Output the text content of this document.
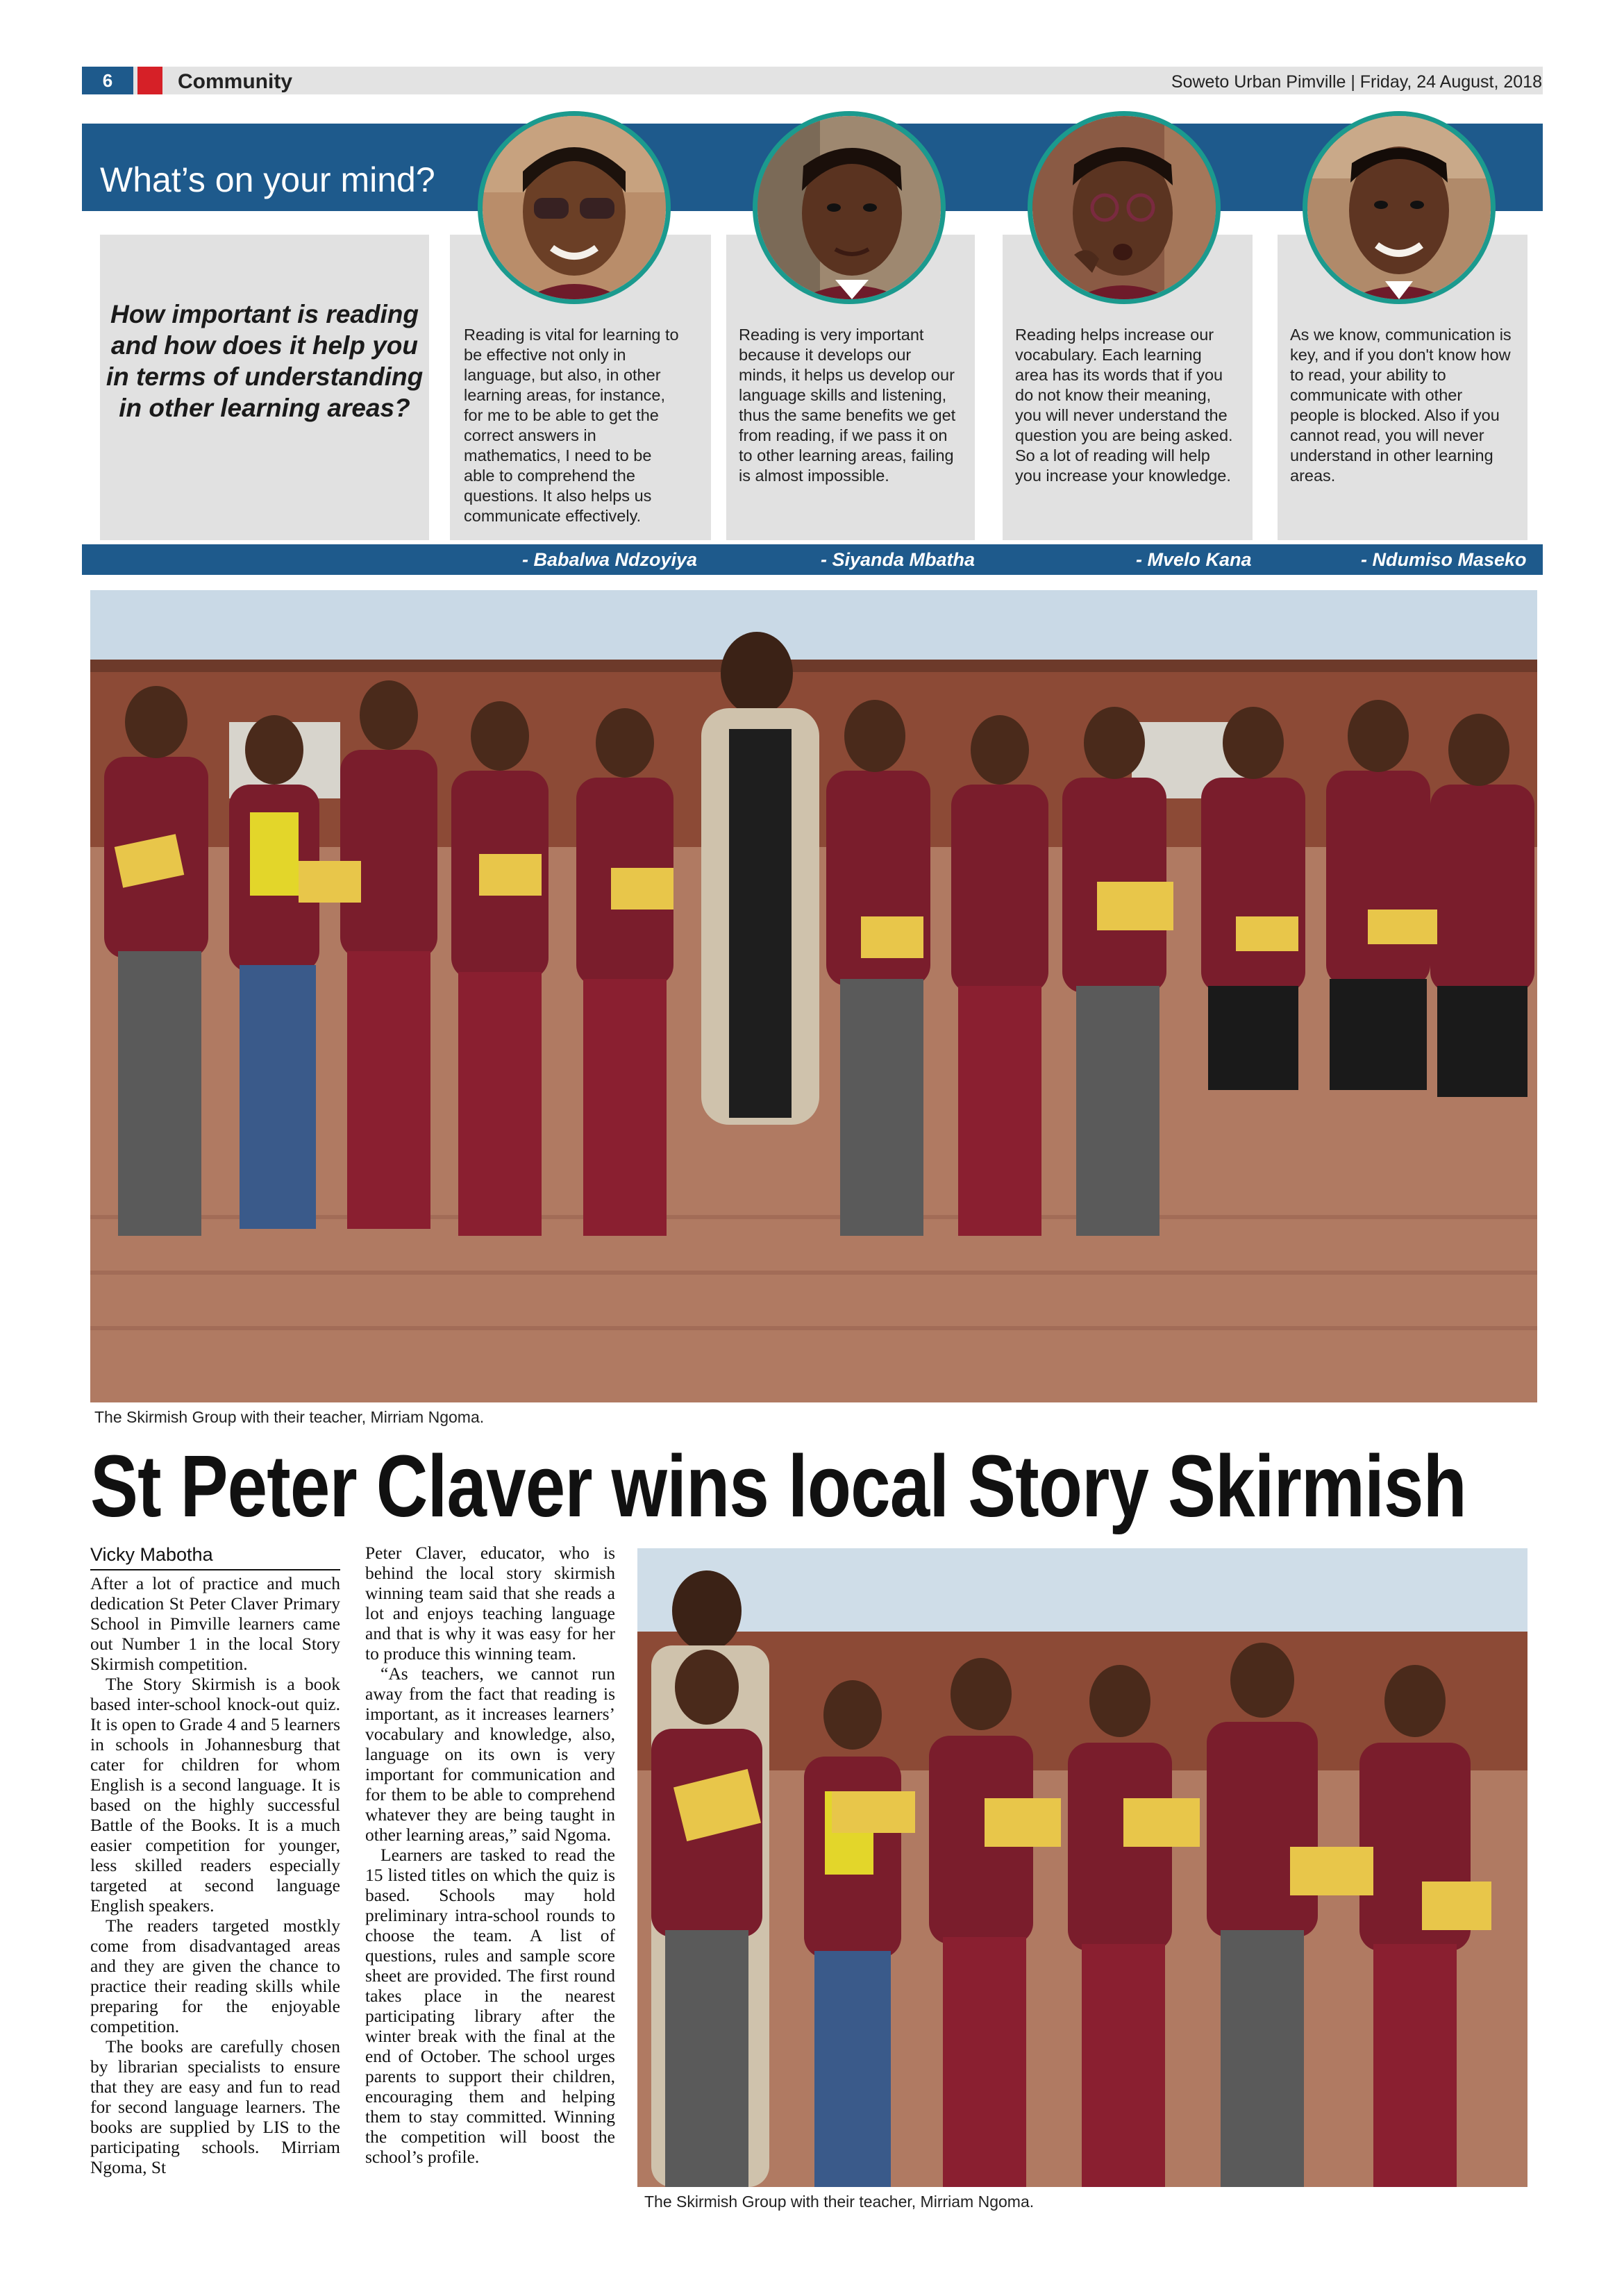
6	Community	Soweto Urban Pimville | Friday, 24 August, 2018
What’s on your mind?
How important is reading and how does it help you in terms of understanding in other learning areas?
Reading is vital for learning to be effective not only in language, but also, in other learning areas, for instance, for me to be able to get the correct answers in mathematics, I need to be able to comprehend the questions. It also helps us communicate effectively.
Reading is very important because it develops our minds, it helps us develop our language skills and listening, thus the same benefits we get from reading, if we pass it on to other learning areas, failing is almost impossible.
Reading helps increase our vocabulary. Each learning area has its words that if you do not know their meaning, you will never understand the question you are being asked. So a lot of reading will help you increase your knowledge.
As we know, communication is key, and if you don't know how to read, your ability to communicate with other people is blocked. Also if you cannot read, you will never understand in other learning areas.
- Babalwa Ndzoyiya	- Siyanda Mbatha	- Mvelo Kana	- Ndumiso Maseko
The Skirmish Group with their teacher, Mirriam Ngoma.
St Peter Claver wins local Story Skirmish
Vicky Mabotha

After a lot of practice and much dedication St Peter Claver Primary School in Pimville learners came out Number 1 in the local Story Skirmish competition.

The Story Skirmish is a book based inter-school knock-out quiz. It is open to Grade 4 and 5 learners in schools in Johannesburg that cater for children for whom English is a second language. It is based on the highly successful Battle of the Books. It is a much easier competition for younger, less skilled readers especially targeted at second language English speakers.

The readers targeted mostkly come from disadvantaged areas and they are given the chance to practice their reading skills while preparing for the enjoyable competition.

The books are carefully chosen by librarian specialists to ensure that they are easy and fun to read for second language learners. The books are supplied by LIS to the participating schools. Mirriam Ngoma, St

Peter Claver, educator, who is behind the local story skirmish winning team said that she reads a lot and enjoys teaching language and that is why it was easy for her to produce this winning team.

“As teachers, we cannot run away from the fact that reading is important, as it increases learners’ vocabulary and knowledge, also, language on its own is very important for communication and for them to be able to comprehend whatever they are being taught in other learning areas,” said Ngoma.

Learners are tasked to read the 15 listed titles on which the quiz is based. Schools may hold preliminary intra-school rounds to choose the team. A list of questions, rules and sample score sheet are provided. The first round takes place in the nearest participating library after the winter break with the final at the end of October. The school urges parents to support their children, encouraging them and helping them to stay committed. Winning the competition will boost the school’s profile.

The Skirmish Group with their teacher, Mirriam Ngoma.
